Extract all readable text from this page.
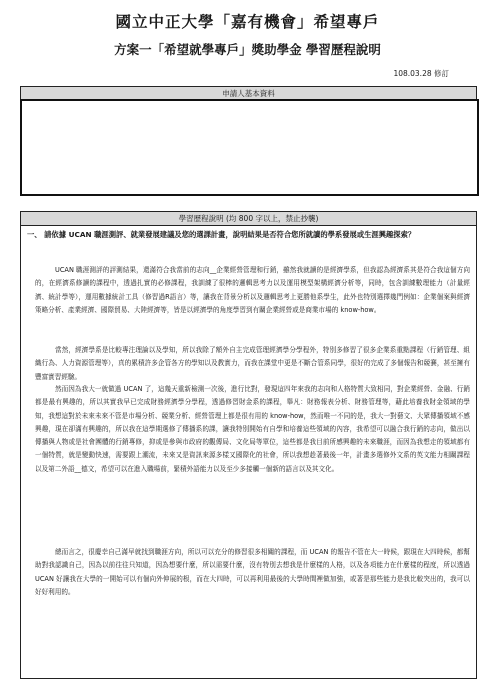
國立中正大學「嘉有機會」希望專戶
方案一「希望就學專戶」獎助學金 學習歷程說明
108.03.28 修訂
申請人基本資料
學習歷程說明 (均 800 字以上，禁止抄襲)
一、 請依據 UCAN 職涯測評、就業發展建議及您的選課計畫，說明結果是否符合您所就讀的學系發展或生涯興趣探索？

UCAN 職涯測評的評測結果，還滿符合我當前的志向__企業經營管理和行銷，雖然我就讀的是經濟學系，但我認為經濟系其是符合我這個方向的，在經濟系修讀的課程中，透過扎實的必修課程，我訓練了很棒的邏輯思考力以及運用模型架構經濟分析等，同時，包含訓練數理能力（計量經濟、統計學等），運用數據統計工具（修習過R語言）等，讓我在背景分析以及邏輯思考上更勝他系學生，此外也特別選擇幾門例如：企業個案與經濟策略分析、產業經濟、國際貿易、大陸經濟等，皆是以經濟學的角度學習到有關企業經營或是商業市場的 know-how。

當然，經濟學系是比較專注理論以及學知，所以我除了額外自主完成管理經濟學分學程外，特別多修習了很多企業系重點課程（行銷管理、組織行為、人力資源管理等），真的累積許多企管各方的學知以及教實力，而我在課堂中更是不斷合管系同學，很好的完成了多個報告和競賽，甚至擁有豐富實習經驗。

然而因為我大一就做過 UCAN 了，這幾天重新檢測一次後，進行比對，發現這四年來我的志向和人格特質大致相同，對企業經營、金融、行銷都是最有興趣的，所以其實我早已完成財務經濟學分學程，透過修習財金系的課程，舉凡：財務報表分析、財務管理等，藉此培養我財金領域的學知，我想這對於未來未來不管是市場分析、競業分析、經營管理上都是很有用的 know-how，然而唯一不同的是，我大一對藝文、大眾傳播領域不感興趣，現在卻滿有興趣的，所以我在這學期選修了傳播系的課，讓我特別開始有自學和培養這些領域的內容，我希望可以融合我行銷的志向，做出以傳播與人物或是社會團體的行銷專修，抑或是參與市政府的觀傳局、文化局等單位，這些都是我目前所感興趣的未來職涯，而因為我想走的領域都有一個特質，就是變動快速，需要跟上潮流，未來又是資訊來源多樣又國際化的社會，所以我想趁著最後一年，計畫多選修外文系的英文能力相關課程以及第二外語__德文，希望可以在進入職場前，緊積外語能力以及至少多接觸一個新的語言以及其文化。

總而言之，很慶幸自己滿早就找到職涯方向，所以可以充分的修習很多相關的課程，而 UCAN 的報告不管在大一時候，跟現在大四時候，都幫助對我認識自己，因為以前往往只知道，因為想要什麼，所以需要什麼，沒有特別去想我是什麼樣的人格，以及各項能力在什麼樣的程度，所以透過 UCAN 好讓我在大學的一開始可以有個向外伸展的根，而在大四時，可以再利用最後的大學時間裡做加強，或著是那些能力是我比較突出的，我可以好好利用的。
